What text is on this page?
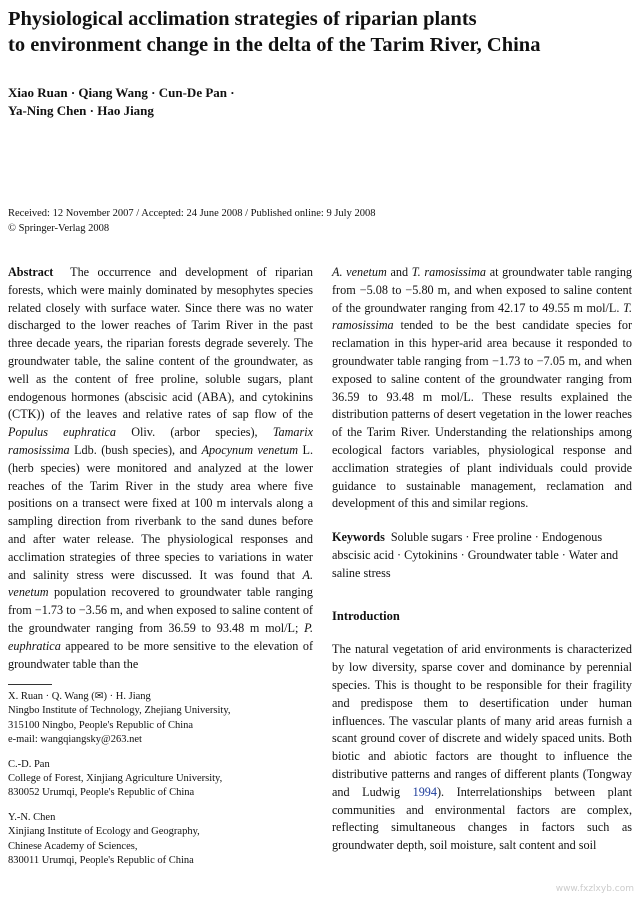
Physiological acclimation strategies of riparian plants
to environment change in the delta of the Tarim River, China
Xiao Ruan · Qiang Wang · Cun-De Pan ·
Ya-Ning Chen · Hao Jiang
Received: 12 November 2007 / Accepted: 24 June 2008 / Published online: 9 July 2008
© Springer-Verlag 2008

Abstract The occurrence and development of riparian forests, which were mainly dominated by mesophytes species related closely with surface water. Since there was no water discharged to the lower reaches of Tarim River in the past three decade years, the riparian forests degrade severely. The groundwater table, the saline content of the groundwater, as well as the content of free proline, soluble sugars, plant endogenous hormones (abscisic acid (ABA), and cytokinins (CTK)) of the leaves and relative rates of sap flow of the Populus euphratica Oliv. (arbor species), Tamarix ramosissima Ldb. (bush species), and Apocynum venetum L. (herb species) were monitored and analyzed at the lower reaches of the Tarim River in the study area where five positions on a transect were fixed at 100 m intervals along a sampling direction from riverbank to the sand dunes before and after water release. The physiological responses and acclimation strategies of three species to variations in water and salinity stress were discussed. It was found that A. venetum population recovered to groundwater table ranging from −1.73 to −3.56 m, and when exposed to saline content of the groundwater ranging from 36.59 to 93.48 m mol/L; P. euphratica appeared to be more sensitive to the elevation of groundwater table than the

X. Ruan · Q. Wang (✉) · H. Jiang
Ningbo Institute of Technology, Zhejiang University,
315100 Ningbo, People's Republic of China
e-mail: wangqiangsky@263.net
C.-D. Pan
College of Forest, Xinjiang Agriculture University,
830052 Urumqi, People's Republic of China
Y.-N. Chen
Xinjiang Institute of Ecology and Geography,
Chinese Academy of Sciences,
830011 Urumqi, People's Republic of China

A. venetum and T. ramosissima at groundwater table ranging from −5.08 to −5.80 m, and when exposed to saline content of the groundwater ranging from 42.17 to 49.55 m mol/L. T. ramosissima tended to be the best candidate species for reclamation in this hyper-arid area because it responded to groundwater table ranging from −1.73 to −7.05 m, and when exposed to saline content of the groundwater ranging from 36.59 to 93.48 m mol/L. These results explained the distribution patterns of desert vegetation in the lower reaches of the Tarim River. Understanding the relationships among ecological factors variables, physiological response and acclimation strategies of plant individuals could provide guidance to sustainable management, reclamation and development of this and similar regions.

Keywords Soluble sugars · Free proline · Endogenous abscisic acid · Cytokinins · Groundwater table · Water and saline stress

Introduction

The natural vegetation of arid environments is characterized by low diversity, sparse cover and dominance by perennial species. This is thought to be responsible for their fragility and predispose them to desertification under human influences. The vascular plants of many arid areas furnish a scant ground cover of discrete and widely spaced units. Both biotic and abiotic factors are thought to influence the distributive patterns and ranges of different plants (Tongway and Ludwig 1994). Interrelationships between plant communities and environmental factors are complex, reflecting simultaneous changes in factors such as groundwater depth, soil moisture, salt content and soil

www.fxzlxyb.com
